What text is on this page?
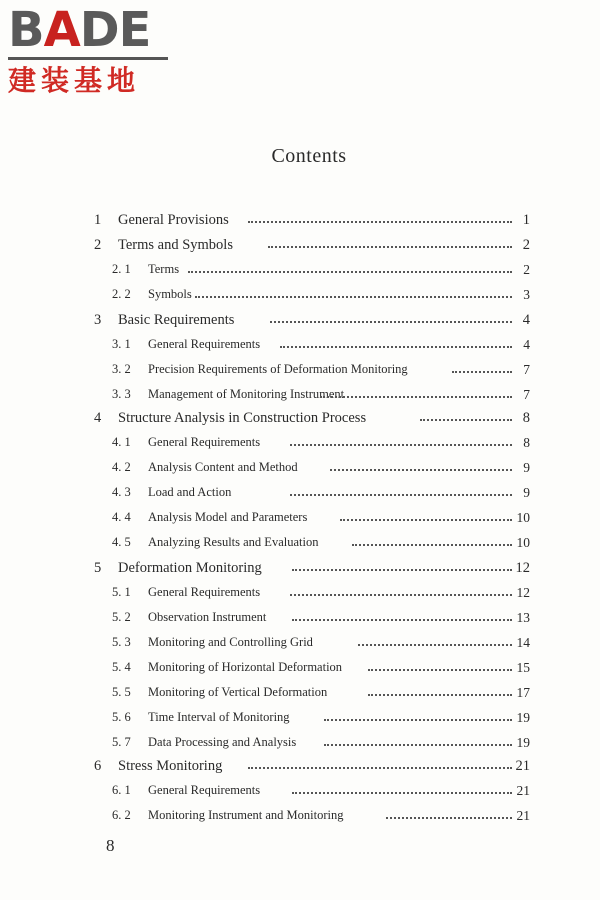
BADE
建装基地
Contents
1 General Provisions	1
2 Terms and Symbols	2
2. 1 Terms	2
2. 2 Symbols	3
3 Basic Requirements	4
3. 1 General Requirements	4
3. 2 Precision Requirements of Deformation Monitoring	7
3. 3 Management of Monitoring Instrument	7
4 Structure Analysis in Construction Process	8
4. 1 General Requirements	8
4. 2 Analysis Content and Method	9
4. 3 Load and Action	9
4. 4 Analysis Model and Parameters	10
4. 5 Analyzing Results and Evaluation	10
5 Deformation Monitoring	12
5. 1 General Requirements	12
5. 2 Observation Instrument	13
5. 3 Monitoring and Controlling Grid	14
5. 4 Monitoring of Horizontal Deformation	15
5. 5 Monitoring of Vertical Deformation	17
5. 6 Time Interval of Monitoring	19
5. 7 Data Processing and Analysis	19
6 Stress Monitoring	21
6. 1 General Requirements	21
6. 2 Monitoring Instrument and Monitoring	21
8
